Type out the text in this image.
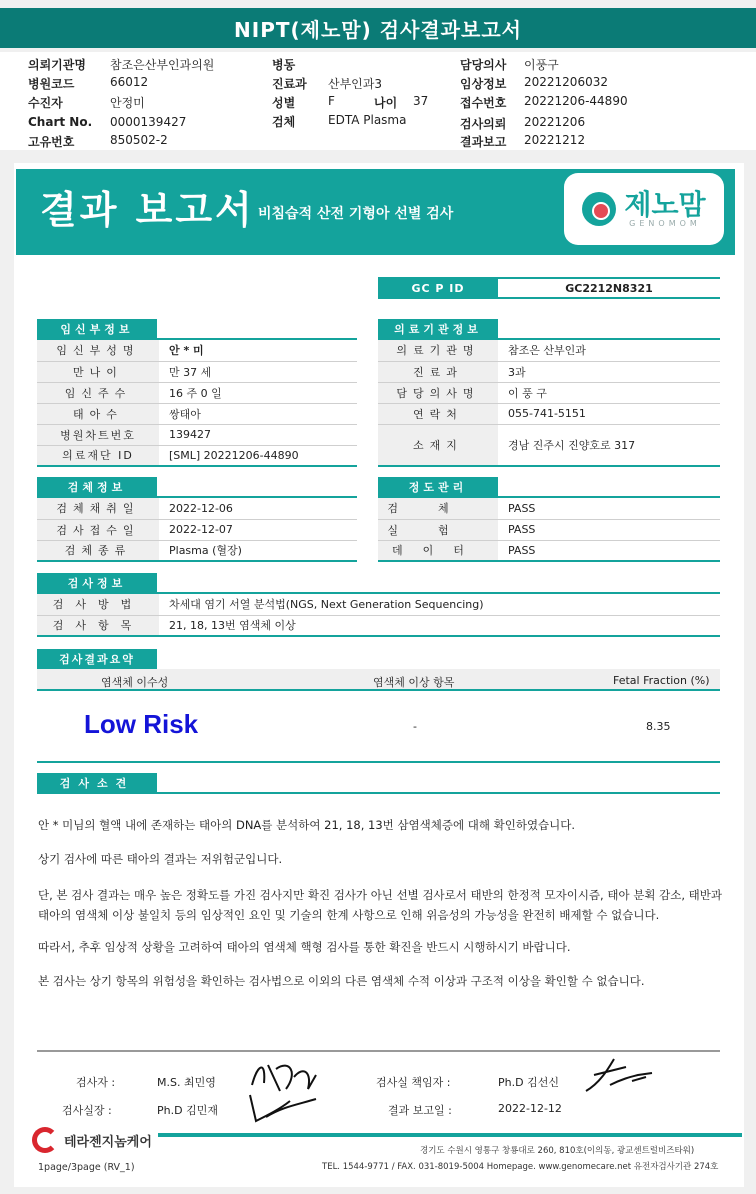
NIPT(제노맘) 검사결과보고서
의뢰기관명 참조은산부인과의원
병원코드	66012
수진자	안정미
Chart No. 0000139427
고유번호	850502-2
병동
진료과 산부인과3
성별	F	나이 37
검체	EDTA Plasma
담당의사 이풍구
임상정보 20221206032
접수번호 20221206-44890
검사의뢰 20221206
결과보고 20221212
결과 보고서 비침습적 산전 기형아 선별 검사	제노맘
GENOMOM
GC P ID	GC2212N8321
임신부정보
임신부성명	안 * 미
만나이	만 37 세
임신주수	16 주 0 일
태아수	쌍태아
병원차트번호	139427
의료재단 ID	[SML] 20221206-44890
의료기관정보
의료기관명	참조은 산부인과
진료과	3과
담당의사명	이 풍 구
연락처	055-741-5151
소재지	경남 진주시 진양호로 317
검체정보
검체채취일	2022-12-06
검사접수일	2022-12-07
검체종류	Plasma (혈장)
정도관리
검체	PASS
실험	PASS
데이터	PASS
검사정보
검사방법	차세대 염기 서열 분석법(NGS, Next Generation Sequencing)
검사항목	21, 18, 13번 염색체 이상
검사결과요약
염색체 이수성	염색체 이상 항목	Fetal Fraction (%)
Low Risk	-	8.35
검사소견
안 * 미님의 혈액 내에 존재하는 태아의 DNA를 분석하여 21, 18, 13번 삼염색체증에 대해 확인하였습니다.
상기 검사에 따른 태아의 결과는 저위험군입니다.
단, 본 검사 결과는 매우 높은 정확도를 가진 검사지만 확진 검사가 아닌 선별 검사로서 태반의 한정적 모자이시즘, 태아 분획 감소, 태반과 태아의 염색체 이상 불일치 등의 임상적인 요인 및 기술의 한계 사항으로 인해 위음성의 가능성을 완전히 배제할 수 없습니다.
따라서, 추후 임상적 상황을 고려하여 태아의 염색체 핵형 검사를 통한 확진을 반드시 시행하시기 바랍니다.
본 검사는 상기 항목의 위험성을 확인하는 검사법으로 이외의 다른 염색체 수적 이상과 구조적 이상을 확인할 수 없습니다.
검사자 :	M.S. 최민영	검사실 책임자 :	Ph.D 김선신
검사실장 :	Ph.D 김민재	결과 보고일 :	2022-12-12
테라젠지놈케어
경기도 수원시 영통구 창룡대로 260, 810호(이의동, 광교센트럴비즈타워)
TEL. 1544-9771 / FAX. 031-8019-5004 Homepage. www.genomecare.net 유전자검사기관 274호
1page/3page (RV_1)
